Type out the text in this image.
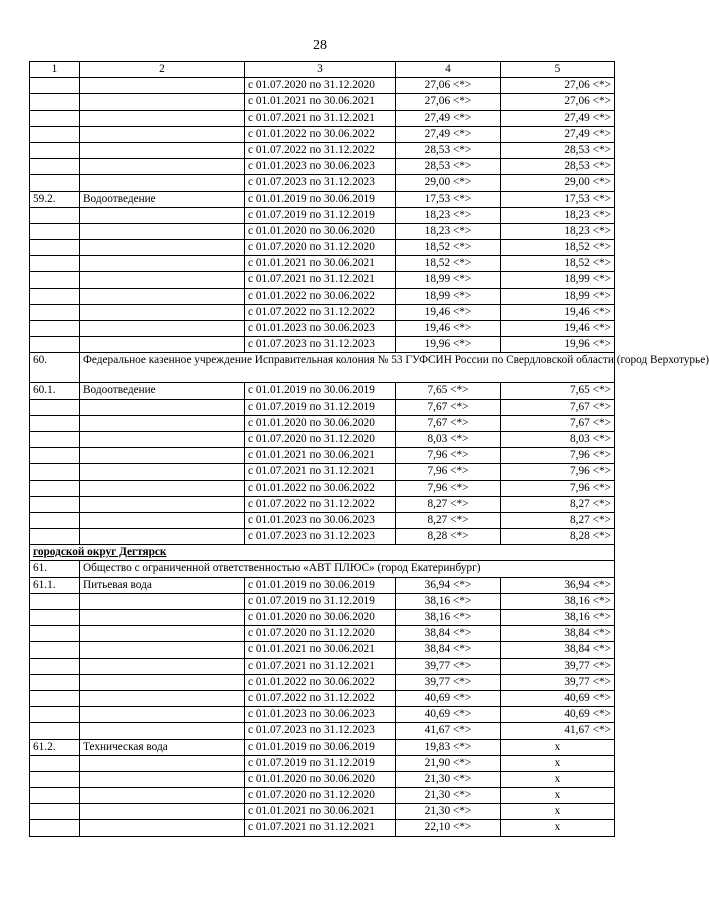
28
1	2	3	4	5
		с 01.07.2020 по 31.12.2020	27,06 <*>	27,06 <*>
		с 01.01.2021 по 30.06.2021	27,06 <*>	27,06 <*>
		с 01.07.2021 по 31.12.2021	27,49 <*>	27,49 <*>
		с 01.01.2022 по 30.06.2022	27,49 <*>	27,49 <*>
		с 01.07.2022 по 31.12.2022	28,53 <*>	28,53 <*>
		с 01.01.2023 по 30.06.2023	28,53 <*>	28,53 <*>
		с 01.07.2023 по 31.12.2023	29,00 <*>	29,00 <*>
59.2.	Водоотведение	с 01.01.2019 по 30.06.2019	17,53 <*>	17,53 <*>
		с 01.07.2019 по 31.12.2019	18,23 <*>	18,23 <*>
		с 01.01.2020 по 30.06.2020	18,23 <*>	18,23 <*>
		с 01.07.2020 по 31.12.2020	18,52 <*>	18,52 <*>
		с 01.01.2021 по 30.06.2021	18,52 <*>	18,52 <*>
		с 01.07.2021 по 31.12.2021	18,99 <*>	18,99 <*>
		с 01.01.2022 по 30.06.2022	18,99 <*>	18,99 <*>
		с 01.07.2022 по 31.12.2022	19,46 <*>	19,46 <*>
		с 01.01.2023 по 30.06.2023	19,46 <*>	19,46 <*>
		с 01.07.2023 по 31.12.2023	19,96 <*>	19,96 <*>
60.	Федеральное казенное учреждение Исправительная колония № 53 ГУФСИН России по Свердловской области (город Верхотурье)			
60.1.	Водоотведение	с 01.01.2019 по 30.06.2019	7,65 <*>	7,65 <*>
		с 01.07.2019 по 31.12.2019	7,67 <*>	7,67 <*>
		с 01.01.2020 по 30.06.2020	7,67 <*>	7,67 <*>
		с 01.07.2020 по 31.12.2020	8,03 <*>	8,03 <*>
		с 01.01.2021 по 30.06.2021	7,96 <*>	7,96 <*>
		с 01.07.2021 по 31.12.2021	7,96 <*>	7,96 <*>
		с 01.01.2022 по 30.06.2022	7,96 <*>	7,96 <*>
		с 01.07.2022 по 31.12.2022	8,27 <*>	8,27 <*>
		с 01.01.2023 по 30.06.2023	8,27 <*>	8,27 <*>
		с 01.07.2023 по 31.12.2023	8,28 <*>	8,28 <*>
городской округ Дегтярск				
61.	Общество с ограниченной ответственностью «АВТ ПЛЮС» (город Екатеринбург)			
61.1.	Питьевая вода	с 01.01.2019 по 30.06.2019	36,94 <*>	36,94 <*>
		с 01.07.2019 по 31.12.2019	38,16 <*>	38,16 <*>
		с 01.01.2020 по 30.06.2020	38,16 <*>	38,16 <*>
		с 01.07.2020 по 31.12.2020	38,84 <*>	38,84 <*>
		с 01.01.2021 по 30.06.2021	38,84 <*>	38,84 <*>
		с 01.07.2021 по 31.12.2021	39,77 <*>	39,77 <*>
		с 01.01.2022 по 30.06.2022	39,77 <*>	39,77 <*>
		с 01.07.2022 по 31.12.2022	40,69 <*>	40,69 <*>
		с 01.01.2023 по 30.06.2023	40,69 <*>	40,69 <*>
		с 01.07.2023 по 31.12.2023	41,67 <*>	41,67 <*>
61.2.	Техническая вода	с 01.01.2019 по 30.06.2019	19,83 <*>	x
		с 01.07.2019 по 31.12.2019	21,90 <*>	x
		с 01.01.2020 по 30.06.2020	21,30 <*>	x
		с 01.07.2020 по 31.12.2020	21,30 <*>	x
		с 01.01.2021 по 30.06.2021	21,30 <*>	x
		с 01.07.2021 по 31.12.2021	22,10 <*>	x
